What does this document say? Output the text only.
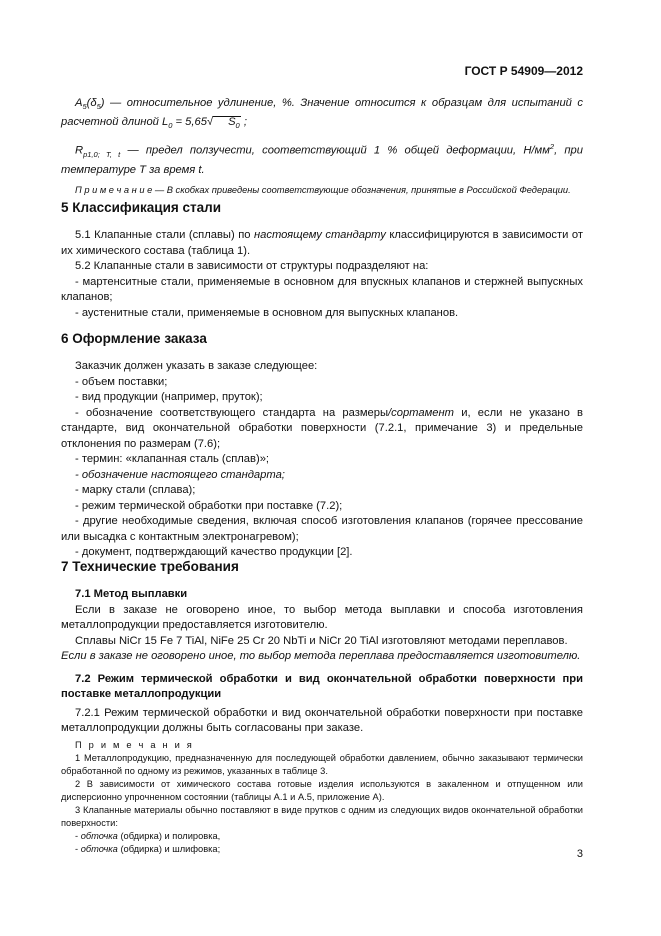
ГОСТ Р 54909—2012

$A_5(\delta_5)$ — относительное удлинение, %. Значение относится к образцам для испытаний с расчетной длиной $L_0 = 5,65√$ $S_0$ ;

$R_{p1,0; T, t}$ — предел ползучести, соответствующий 1 % общей деформации, $Н/мм^2$, при температуре T за время t.

П р и м е ч а н и е — В скобках приведены соответствующие обозначения, принятые в Российской Федерации.

5 Классификация стали

5.1 Клапанные стали (сплавы) по настоящему стандарту классифицируются в зависимости от их химического состава (таблица 1).

5.2 Клапанные стали в зависимости от структуры подразделяют на:

- мартенситные стали, применяемые в основном для впускных клапанов и стержней выпускных клапанов;

- аустенитные стали, применяемые в основном для выпускных клапанов.

6 Оформление заказа

Заказчик должен указать в заказе следующее:

- объем поставки;

- вид продукции (например, пруток);

- обозначение соответствующего стандарта на размеры/сортамент и, если не указано в стандарте, вид окончательной обработки поверхности (7.2.1, примечание 3) и предельные отклонения по размерам (7.6);

- термин: «клапанная сталь (сплав)»;

- обозначение настоящего стандарта;

- марку стали (сплава);

- режим термической обработки при поставке (7.2);

- другие необходимые сведения, включая способ изготовления клапанов (горячее прессование или высадка с контактным электронагревом);

- документ, подтверждающий качество продукции [2].

7 Технические требования
7.1 Метод выплавки

Если в заказе не оговорено иное, то выбор метода выплавки и способа изготовления металлопродукции предоставляется изготовителю.

Сплавы NiCr 15 Fe 7 TiAl, NiFe 25 Cr 20 NbTi и NiCr 20 TiAl изготовляют методами переплавов.

Если в заказе не оговорено иное, то выбор метода переплава предоставляется изготовителю.

7.2 Режим термической обработки и вид окончательной обработки поверхности при поставке металлопродукции

7.2.1 Режим термической обработки и вид окончательной обработки поверхности при поставке металлопродукции должны быть согласованы при заказе.

П р и м е ч а н и я

1 Металлопродукцию, предназначенную для последующей обработки давлением, обычно заказывают термически обработанной по одному из режимов, указанных в таблице 3.

2 В зависимости от химического состава готовые изделия используются в закаленном и отпущенном или дисперсионно упрочненном состоянии (таблицы А.1 и А.5, приложение А).

3 Клапанные материалы обычно поставляют в виде прутков с одним из следующих видов окончательной обработки поверхности:

- обточка (обдирка) и полировка,

- обточка (обдирка) и шлифовка;	3
